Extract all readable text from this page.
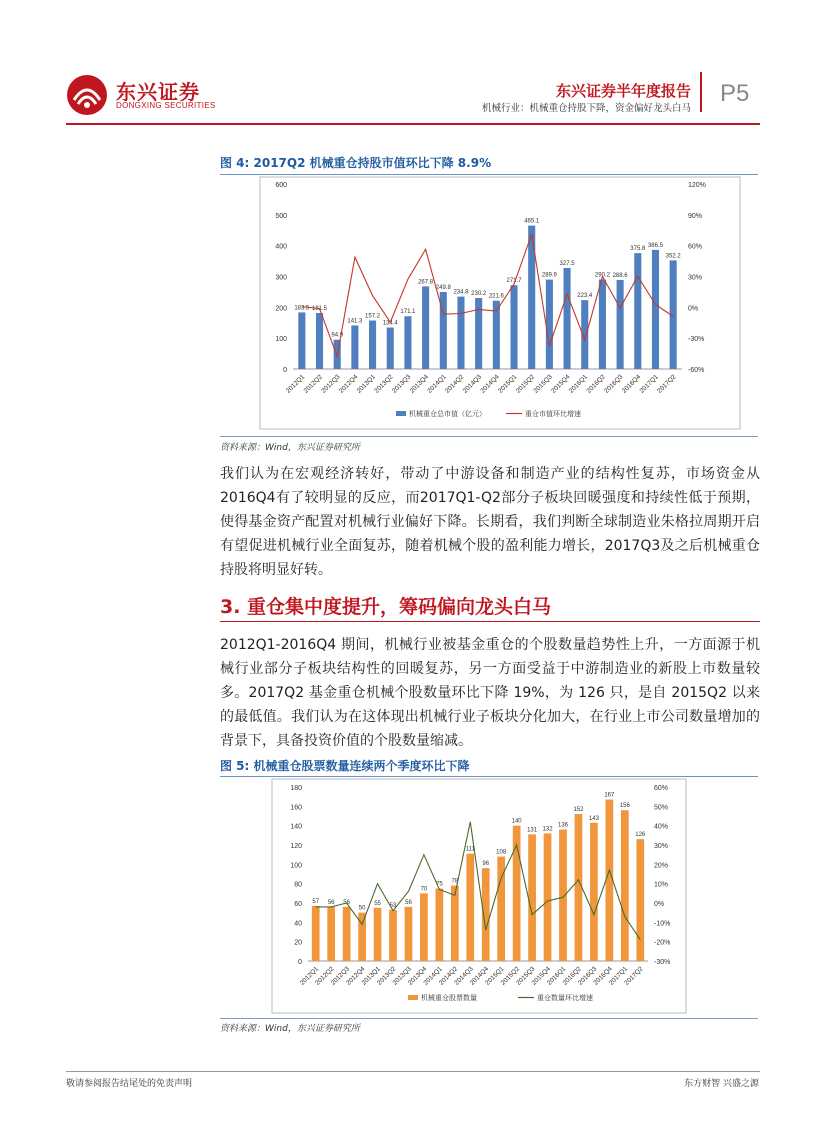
东兴证券
DONGXING SECURITIES
东兴证券半年度报告
机械行业：机械重仓持股下降，资金偏好龙头白马
P5
图 4: 2017Q2 机械重仓持股市值环比下降 8.9%
0
100
200
300
400
500
600
-60%
-30%
0%
30%
60%
90%
120%
183.5 181.5
94.9
141.3
157.2
134.4
171.1
267.8
249.8
234.8 230.2 221.6
271.7
465.1
289.9
327.5
223.4
290.2 288.6
375.8
386.5
352.2
2012Q1
2012Q2
2012Q3
2012Q4
2013Q1
2013Q2
2013Q3
2013Q4
2014Q1
2014Q2
2014Q3
2014Q4
2015Q1
2015Q2
2015Q3
2015Q4
2016Q1
2016Q2
2016Q3
2016Q4
2017Q1
2017Q2
机械重仓总市值（亿元）	重仓市值环比增速
资料来源：Wind，东兴证券研究所
我们认为在宏观经济转好，带动了中游设备和制造产业的结构性复苏，市场资金从2016Q4有了较明显的反应，而2017Q1-Q2部分子板块回暖强度和持续性低于预期，使得基金资产配置对机械行业偏好下降。长期看，我们判断全球制造业朱格拉周期开启有望促进机械行业全面复苏，随着机械个股的盈利能力增长，2017Q3及之后机械重仓持股将明显好转。
3. 重仓集中度提升，筹码偏向龙头白马
2012Q1-2016Q4 期间，机械行业被基金重仓的个股数量趋势性上升，一方面源于机械行业部分子板块结构性的回暖复苏，另一方面受益于中游制造业的新股上市数量较多。2017Q2 基金重仓机械个股数量环比下降 19%，为 126 只，是自 2015Q2 以来的最低值。我们认为在这体现出机械行业子板块分化加大，在行业上市公司数量增加的背景下，具备投资价值的个股数量缩减。
图 5: 机械重仓股票数量连续两个季度环比下降
0
20
40
60
80
100
120
140
160
180
-30%
-20%
-10%
0%
10%
20%
30%
40%
50%
60%
57 56 56
50
55 53 56
70
75 78
111
96
108
140
131 132
136
152
143
167
156
126
2012Q1
2012Q2
2012Q3
2012Q4
2013Q1
2013Q2
2013Q3
2013Q4
2014Q1
2014Q2
2014Q3
2014Q4
2015Q1
2015Q2
2015Q3
2015Q4
2016Q1
2016Q2
2016Q3
2016Q4
2017Q1
2017Q2
机械重仓股票数量	重仓数量环比增速
资料来源：Wind，东兴证券研究所
敬请参阅报告结尾处的免责声明	东方财智 兴盛之源
